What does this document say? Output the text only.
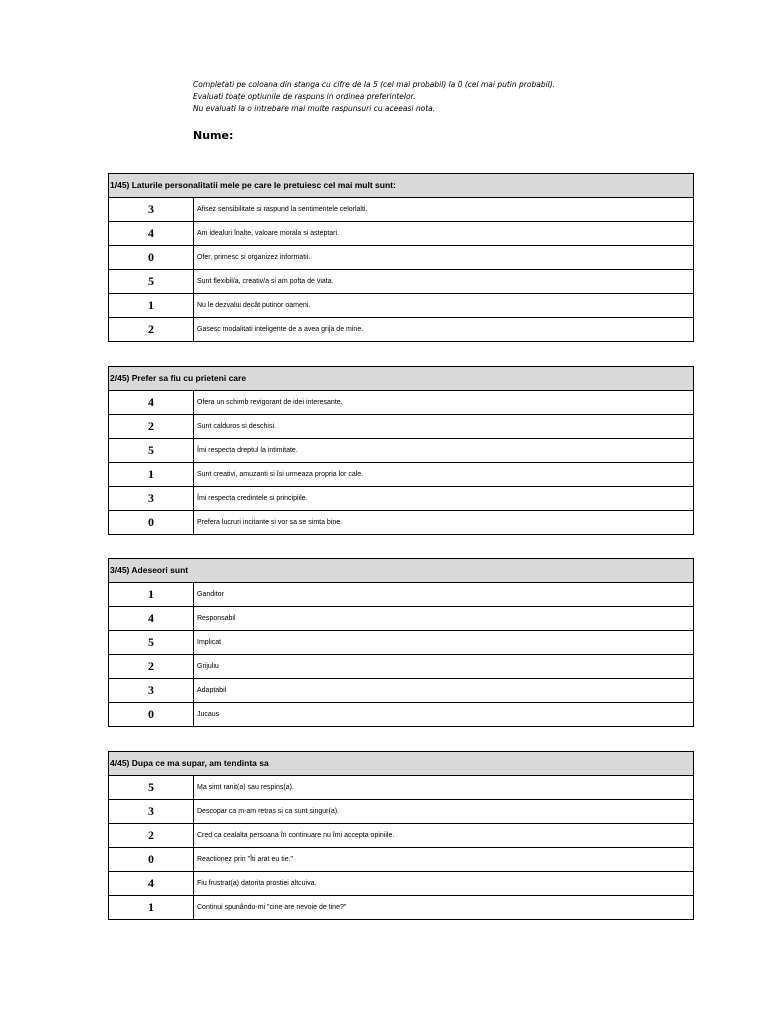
Completati pe coloana din stanga cu cifre de la 5 (cel mai probabil) la 0 (cel mai putin probabil).
Evaluati toate optiunile de raspuns in ordinea preferintelor.
Nu evaluati la o intrebare mai multe raspunsuri cu aceeasi nota.
Nume:
1/45) Laturile personalitatii mele pe care le pretuiesc cel mai mult sunt:
3	Afisez sensibilitate si raspund la sentimentele celorlalti.
4	Am idealuri înalte, valoare morala si asteptari.
0	Ofer, primesc si organizez informatii.
5	Sunt flexibil/a, creativ/a si am pofta de viata.
1	Nu le dezvalui decât putinor oameni.
2	Gasesc modalitati inteligente de a avea grija de mine.
2/45) Prefer sa fiu cu prieteni care
4	Ofera un schimb revigorant de idei interesante.
2	Sunt calduros si deschisi.
5	Îmi respecta dreptul la intimitate.
1	Sunt creativi, amuzanti si îsi urmeaza propria lor cale.
3	Îmi respecta credintele si principiile.
0	Prefera lucruri incitante si vor sa se simta bine.
3/45) Adeseori sunt
1	Ganditor
4	Responsabil
5	Implicat
2	Grijuliu
3	Adaptabil
0	Jucaus
4/45) Dupa ce ma supar, am tendinta sa
5	Ma simt ranit(a) sau respins(a).
3	Descopar ca m-am retras si ca sunt singur(a).
2	Cred ca cealalta persoana în continuare nu îmi accepta opiniile.
0	Reactionez prin "Îti arat eu tie."
4	Fiu frustrat(a) datorita prostiei altcuiva.
1	Continui spunându-mi "cine are nevoie de tine?"
